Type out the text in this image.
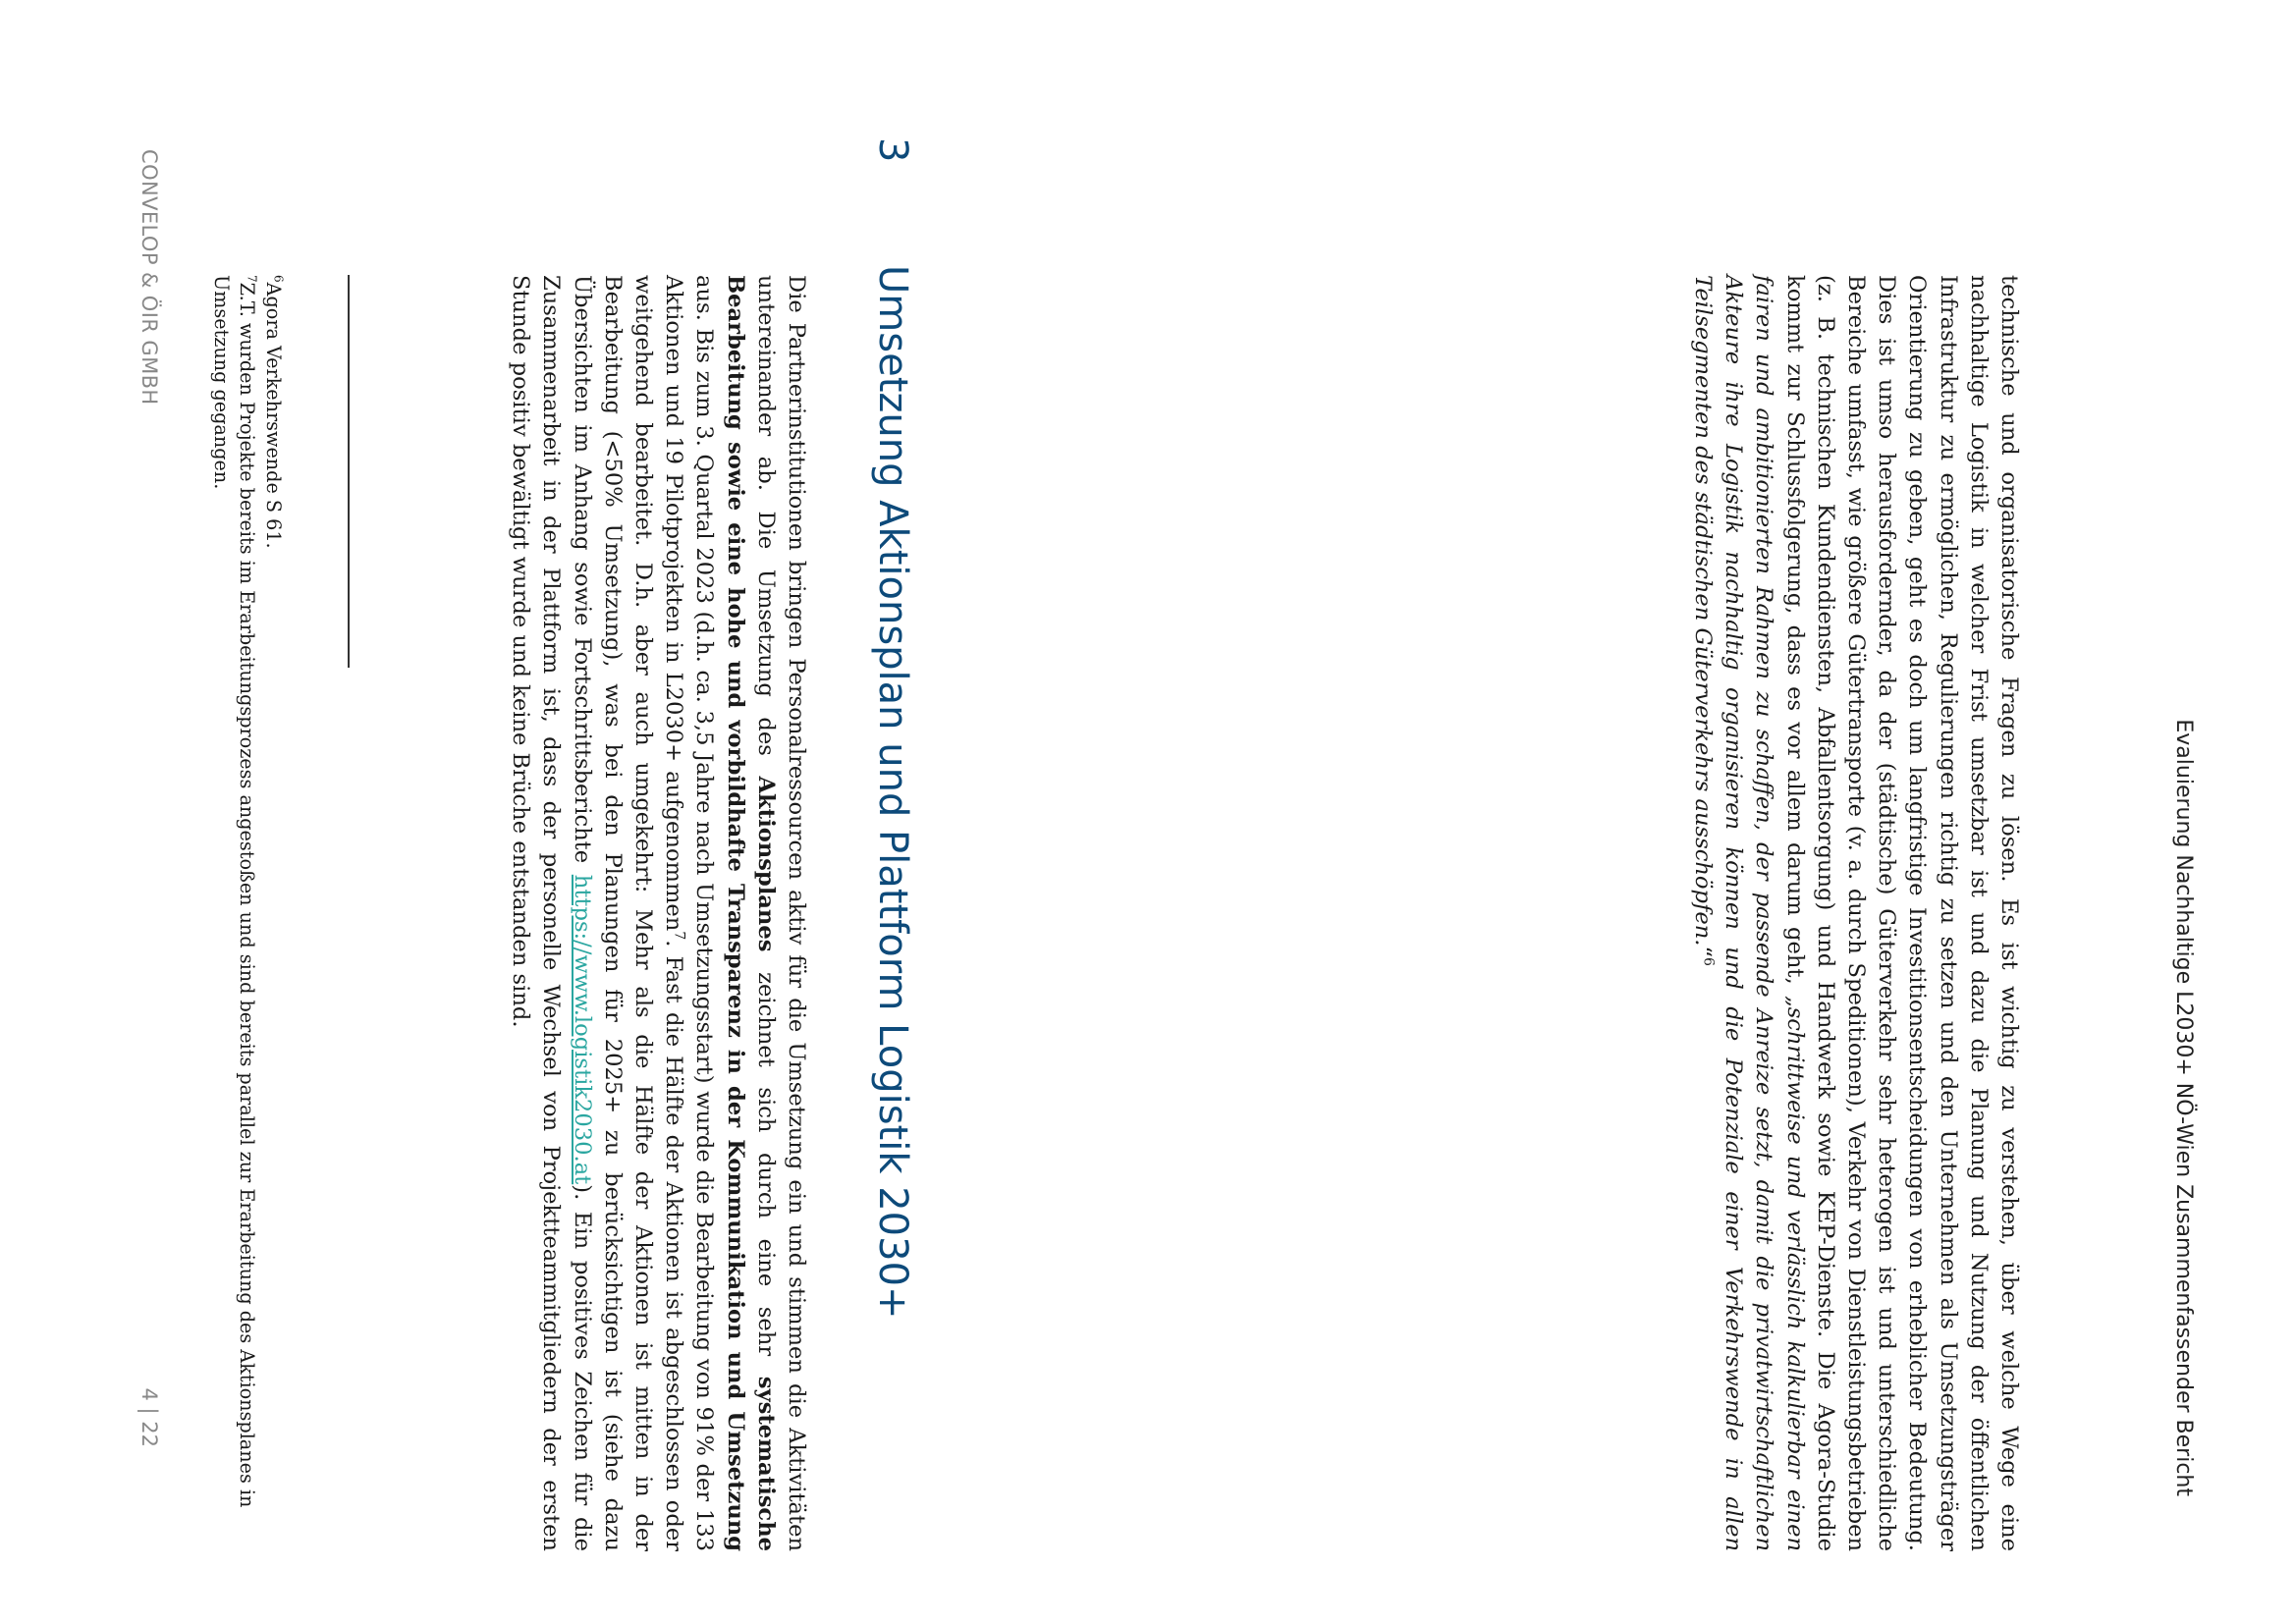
Evaluierung Nachhaltige L2030+ NÖ-Wien Zusammenfassender Bericht

technische und organisatorische Fragen zu lösen. Es ist wichtig zu verstehen, über welche Wege eine nachhaltige Logistik in welcher Frist umsetzbar ist und dazu die Planung und Nutzung der öffentlichen Infrastruktur zu ermöglichen, Regulierungen richtig zu setzen und den Unternehmen als Umsetzungsträger Orientierung zu geben, geht es doch um langfristige Investitionsentscheidungen von erheblicher Bedeutung. Dies ist umso herausfordernder, da der (städtische) Güterverkehr sehr heterogen ist und unterschiedliche Bereiche umfasst, wie größere Gütertransporte (v. a. durch Speditionen), Verkehr von Dienstleistungsbetrieben (z. B. technischen Kundendiensten, Abfallentsorgung) und Handwerk sowie KEP-Dienste. Die Agora-Studie kommt zur Schlussfolgerung, dass es vor allem darum geht, „schrittweise und verlässlich kalkulierbar einen fairen und ambitionierten Rahmen zu schaffen, der passende Anreize setzt, damit die privatwirtschaftlichen Akteure ihre Logistik nachhaltig organisieren können und die Potenziale einer Verkehrswende in allen Teilsegmenten des städtischen Güterverkehrs ausschöpfen.“$^6$

3Umsetzung Aktionsplan und Plattform Logistik 2030+

Die Partnerinstitutionen bringen Personalressourcen aktiv für die Umsetzung ein und stimmen die Aktivitäten untereinander ab. Die Umsetzung des Aktionsplanes zeichnet sich durch eine sehr systematische Bearbeitung sowie eine hohe und vorbildhafte Transparenz in der Kommunikation und Umsetzung aus. Bis zum 3. Quartal 2023 (d.h. ca. 3,5 Jahre nach Umsetzungsstart) wurde die Bearbeitung von 91% der 133 Aktionen und 19 Pilotprojekten in L2030+ aufgenommen$^7$. Fast die Hälfte der Aktionen ist abgeschlossen oder weitgehend bearbeitet. D.h. aber auch umgekehrt: Mehr als die Hälfte der Aktionen ist mitten in der Bearbeitung (<50% Umsetzung), was bei den Planungen für 2025+ zu berücksichtigen ist (siehe dazu Übersichten im Anhang sowie Fortschrittsberichte https://www.logistik2030.at). Ein positives Zeichen für die Zusammenarbeit in der Plattform ist, dass der personelle Wechsel von Projektteammitgliedern der ersten Stunde positiv bewältigt wurde und keine Brüche entstanden sind.

$^6$Agora Verkehrswende S 61.
$^7$Z.T. wurden Projekte bereits im Erarbeitungsprozess angestoßen und sind bereits parallel zur Erarbeitung des Aktionsplanes in Umsetzung gegangen.
CONVELOP & ÖIR GMBH
4 | 22
